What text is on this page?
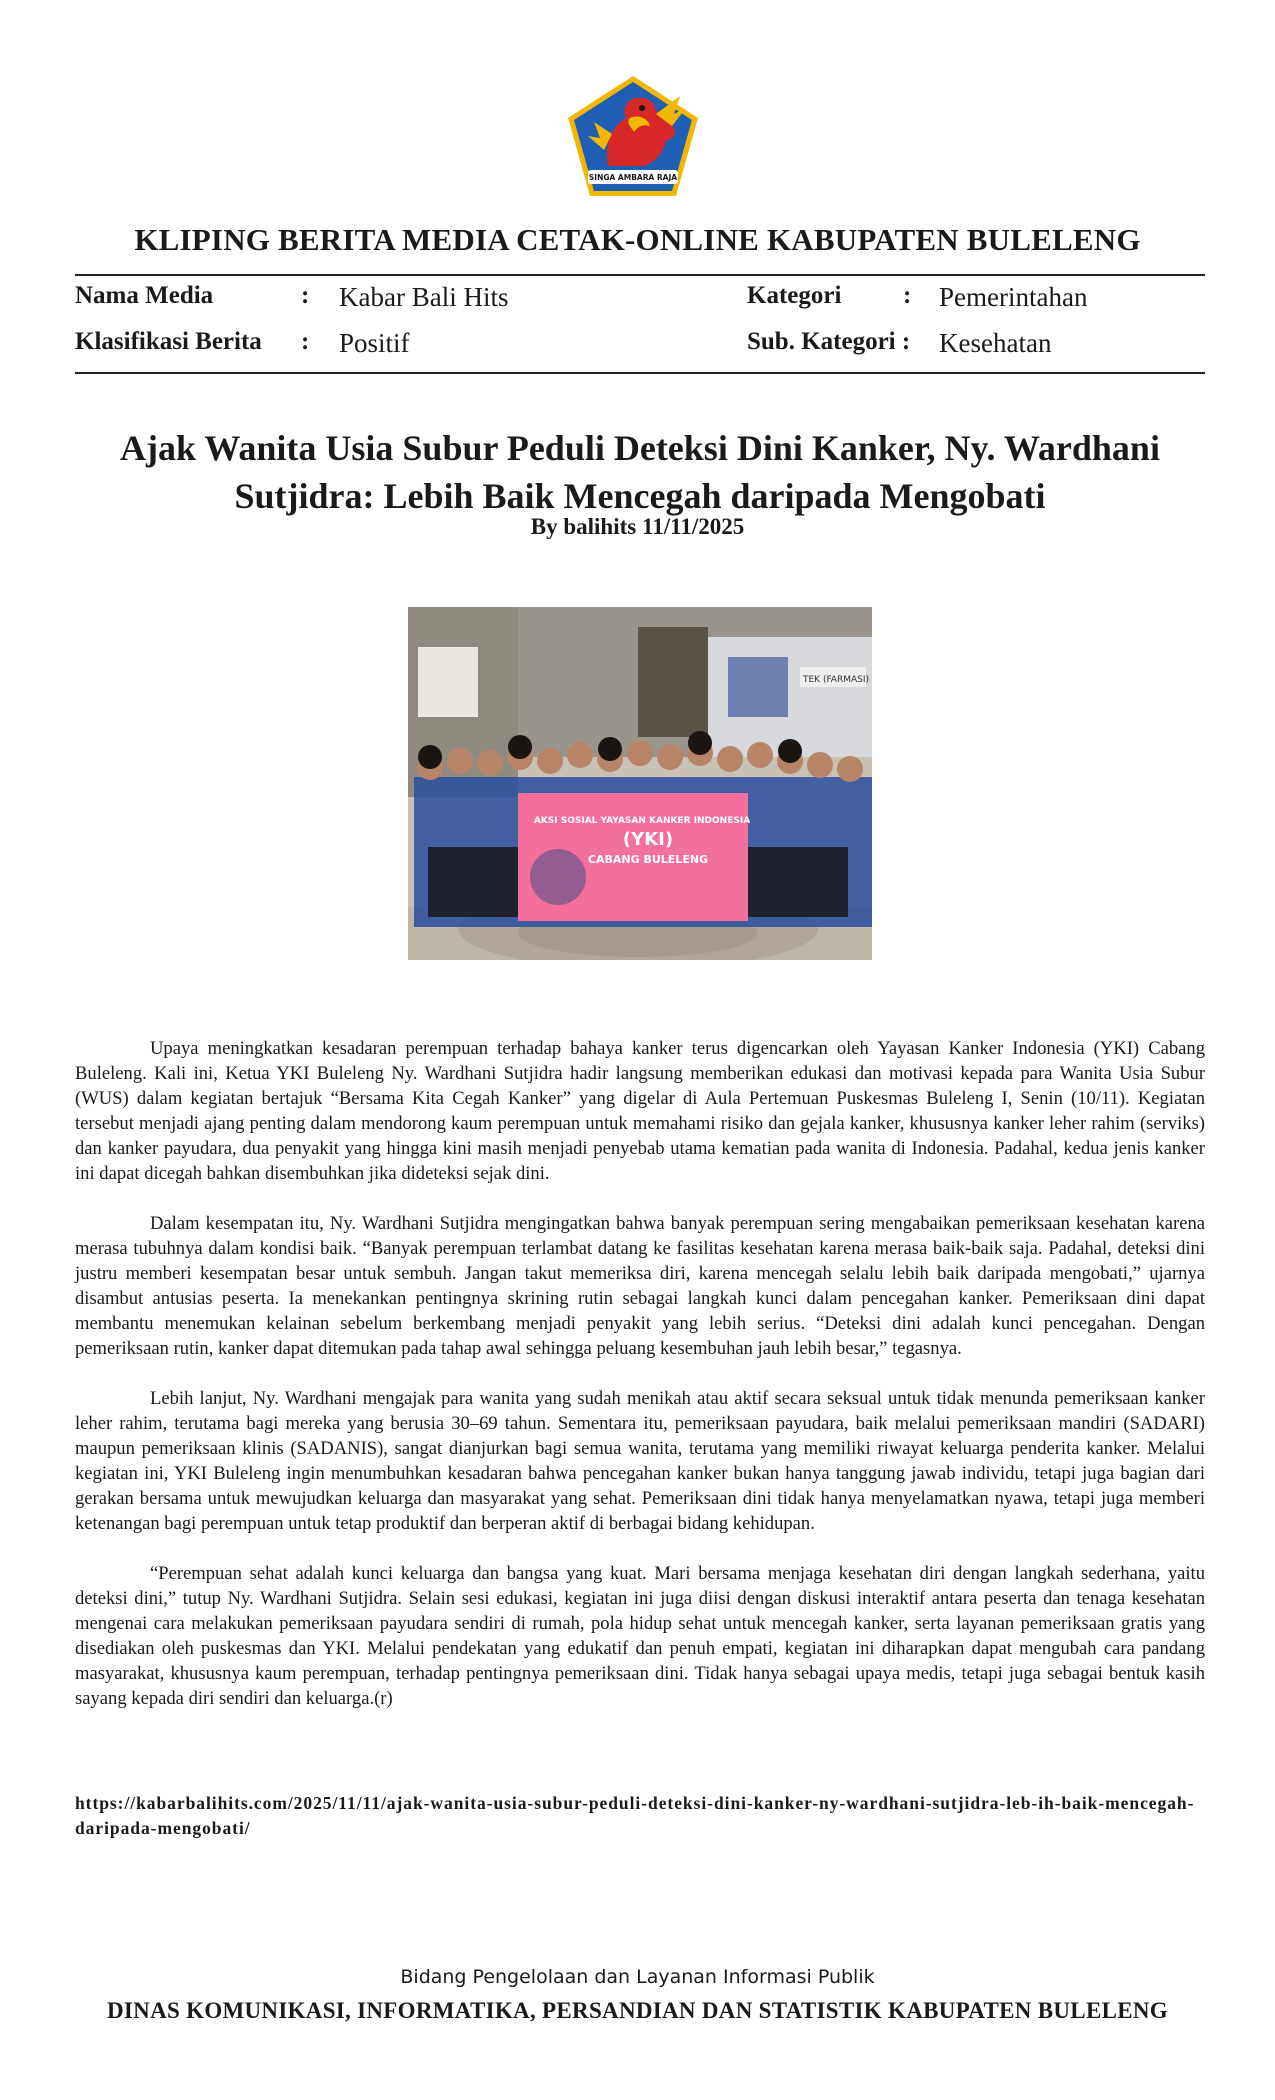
SINGA AMBARA RAJA
KLIPING BERITA MEDIA CETAK-ONLINE KABUPATEN BULELENG
Nama Media	: Kabar Bali Hits	Kategori : Pemerintahan
Klasifikasi Berita : Positif	Sub. Kategori : Kesehatan
Ajak Wanita Usia Subur Peduli Deteksi Dini Kanker, Ny. Wardhani Sutjidra: Lebih Baik Mencegah daripada Mengobati
By balihits 11/11/2025
TEK (FARMASI)
AKSI SOSIAL YAYASAN KANKER INDONESIA
(YKI)
CABANG BULELENG

Upaya meningkatkan kesadaran perempuan terhadap bahaya kanker terus digencarkan oleh Yayasan Kanker Indonesia (YKI) Cabang Buleleng. Kali ini, Ketua YKI Buleleng Ny. Wardhani Sutjidra hadir langsung memberikan edukasi dan motivasi kepada para Wanita Usia Subur (WUS) dalam kegiatan bertajuk “Bersama Kita Cegah Kanker” yang digelar di Aula Pertemuan Puskesmas Buleleng I, Senin (10/11). Kegiatan tersebut menjadi ajang penting dalam mendorong kaum perempuan untuk memahami risiko dan gejala kanker, khususnya kanker leher rahim (serviks) dan kanker payudara, dua penyakit yang hingga kini masih menjadi penyebab utama kematian pada wanita di Indonesia. Padahal, kedua jenis kanker ini dapat dicegah bahkan disembuhkan jika dideteksi sejak dini.

Dalam kesempatan itu, Ny. Wardhani Sutjidra mengingatkan bahwa banyak perempuan sering mengabaikan pemeriksaan kesehatan karena merasa tubuhnya dalam kondisi baik. “Banyak perempuan terlambat datang ke fasilitas kesehatan karena merasa baik-baik saja. Padahal, deteksi dini justru memberi kesempatan besar untuk sembuh. Jangan takut memeriksa diri, karena mencegah selalu lebih baik daripada mengobati,” ujarnya disambut antusias peserta. Ia menekankan pentingnya skrining rutin sebagai langkah kunci dalam pencegahan kanker. Pemeriksaan dini dapat membantu menemukan kelainan sebelum berkembang menjadi penyakit yang lebih serius. “Deteksi dini adalah kunci pencegahan. Dengan pemeriksaan rutin, kanker dapat ditemukan pada tahap awal sehingga peluang kesembuhan jauh lebih besar,” tegasnya.

Lebih lanjut, Ny. Wardhani mengajak para wanita yang sudah menikah atau aktif secara seksual untuk tidak menunda pemeriksaan kanker leher rahim, terutama bagi mereka yang berusia 30–69 tahun. Sementara itu, pemeriksaan payudara, baik melalui pemeriksaan mandiri (SADARI) maupun pemeriksaan klinis (SADANIS), sangat dianjurkan bagi semua wanita, terutama yang memiliki riwayat keluarga penderita kanker. Melalui kegiatan ini, YKI Buleleng ingin menumbuhkan kesadaran bahwa pencegahan kanker bukan hanya tanggung jawab individu, tetapi juga bagian dari gerakan bersama untuk mewujudkan keluarga dan masyarakat yang sehat. Pemeriksaan dini tidak hanya menyelamatkan nyawa, tetapi juga memberi ketenangan bagi perempuan untuk tetap produktif dan berperan aktif di berbagai bidang kehidupan.

“Perempuan sehat adalah kunci keluarga dan bangsa yang kuat. Mari bersama menjaga kesehatan diri dengan langkah sederhana, yaitu deteksi dini,” tutup Ny. Wardhani Sutjidra. Selain sesi edukasi, kegiatan ini juga diisi dengan diskusi interaktif antara peserta dan tenaga kesehatan mengenai cara melakukan pemeriksaan payudara sendiri di rumah, pola hidup sehat untuk mencegah kanker, serta layanan pemeriksaan gratis yang disediakan oleh puskesmas dan YKI. Melalui pendekatan yang edukatif dan penuh empati, kegiatan ini diharapkan dapat mengubah cara pandang masyarakat, khususnya kaum perempuan, terhadap pentingnya pemeriksaan dini. Tidak hanya sebagai upaya medis, tetapi juga sebagai bentuk kasih sayang kepada diri sendiri dan keluarga.(r)

https://kabarbalihits.com/2025/11/11/ajak-wanita-usia-subur-peduli-deteksi-dini-kanker-ny-wardhani-sutjidra-leb-ih-baik-mencegah-daripada-mengobati/
Bidang Pengelolaan dan Layanan Informasi Publik
DINAS KOMUNIKASI, INFORMATIKA, PERSANDIAN DAN STATISTIK KABUPATEN BULELENG
